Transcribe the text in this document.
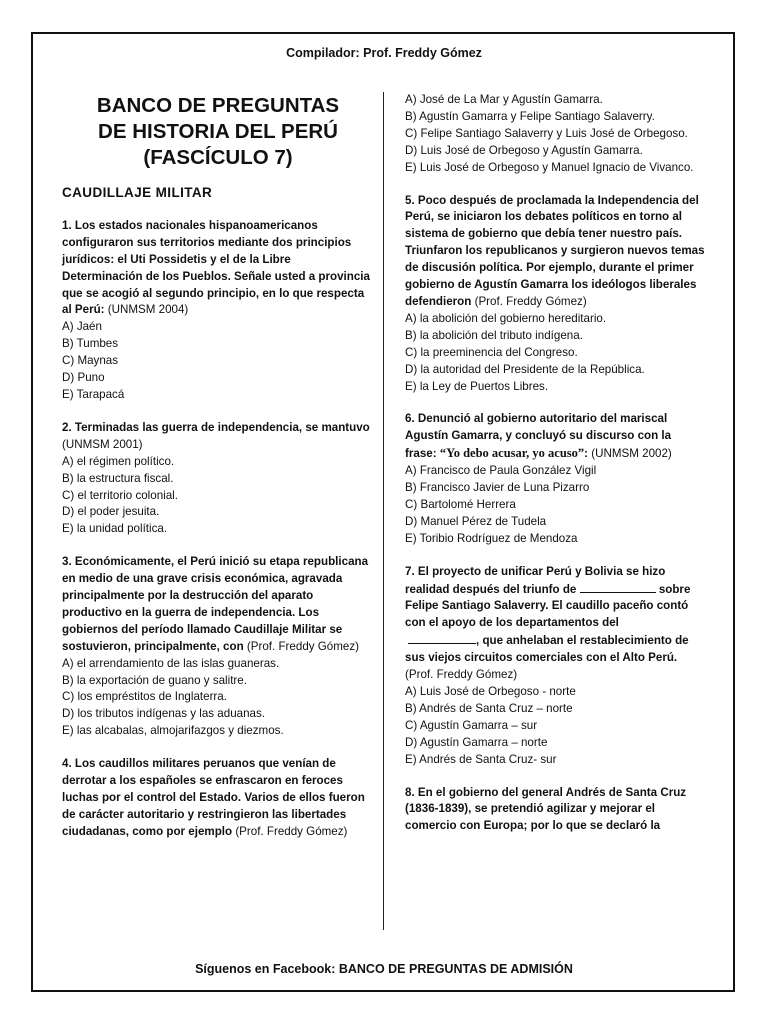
Compilador: Prof. Freddy Gómez
BANCO DE PREGUNTAS
DE HISTORIA DEL PERÚ
(FASCÍCULO 7)
CAUDILLAJE MILITAR
1. Los estados nacionales hispanoamericanos configuraron sus territorios mediante dos principios jurídicos: el Uti Possidetis y el de la Libre Determinación de los Pueblos. Señale usted a provincia que se acogió al segundo principio, en lo que respecta al Perú: (UNMSM 2004)
A) Jaén
B) Tumbes
C) Maynas
D) Puno
E) Tarapacá
2. Terminadas las guerra de independencia, se mantuvo (UNMSM 2001)
A) el régimen político.
B) la estructura fiscal.
C) el territorio colonial.
D) el poder jesuita.
E) la unidad política.
3. Económicamente, el Perú inició su etapa republicana en medio de una grave crisis económica, agravada principalmente por la destrucción del aparato productivo en la guerra de independencia. Los gobiernos del período llamado Caudillaje Militar se sostuvieron, principalmente, con (Prof. Freddy Gómez)
A) el arrendamiento de las islas guaneras.
B) la exportación de guano y salitre.
C) los empréstitos de Inglaterra.
D) los tributos indígenas y las aduanas.
E) las alcabalas, almojarifazgos y diezmos.
4. Los caudillos militares peruanos que venían de derrotar a los españoles se enfrascaron en feroces luchas por el control del Estado. Varios de ellos fueron de carácter autoritario y restringieron las libertades ciudadanas, como por ejemplo (Prof. Freddy Gómez)
A) José de La Mar y Agustín Gamarra.
B) Agustín Gamarra y Felipe Santiago Salaverry.
C) Felipe Santiago Salaverry y Luis José de Orbegoso.
D) Luis José de Orbegoso y Agustín Gamarra.
E) Luis José de Orbegoso y Manuel Ignacio de Vivanco.
5. Poco después de proclamada la Independencia del Perú, se iniciaron los debates políticos en torno al sistema de gobierno que debía tener nuestro país. Triunfaron los republicanos y surgieron nuevos temas de discusión política. Por ejemplo, durante el primer gobierno de Agustín Gamarra los ideólogos liberales defendieron (Prof. Freddy Gómez)
A) la abolición del gobierno hereditario.
B) la abolición del tributo indígena.
C) la preeminencia del Congreso.
D) la autoridad del Presidente de la República.
E) la Ley de Puertos Libres.
6. Denunció al gobierno autoritario del mariscal Agustín Gamarra, y concluyó su discurso con la frase: “Yo debo acusar, yo acuso”: (UNMSM 2002)
A) Francisco de Paula González Vigil
B) Francisco Javier de Luna Pizarro
C) Bartolomé Herrera
D) Manuel Pérez de Tudela
E) Toribio Rodríguez de Mendoza
7. El proyecto de unificar Perú y Bolivia se hizo realidad después del triunfo de	sobre Felipe Santiago Salaverry. El caudillo paceño contó con el apoyo de los departamentos del
, que anhelaban el restablecimiento de sus viejos circuitos comerciales con el Alto Perú. (Prof. Freddy Gómez)
A) Luis José de Orbegoso - norte
B) Andrés de Santa Cruz – norte
C) Agustín Gamarra – sur
D) Agustín Gamarra – norte
E) Andrés de Santa Cruz- sur
8. En el gobierno del general Andrés de Santa Cruz (1836-1839), se pretendió agilizar y mejorar el comercio con Europa; por lo que se declaró la
Síguenos en Facebook: BANCO DE PREGUNTAS DE ADMISIÓN
